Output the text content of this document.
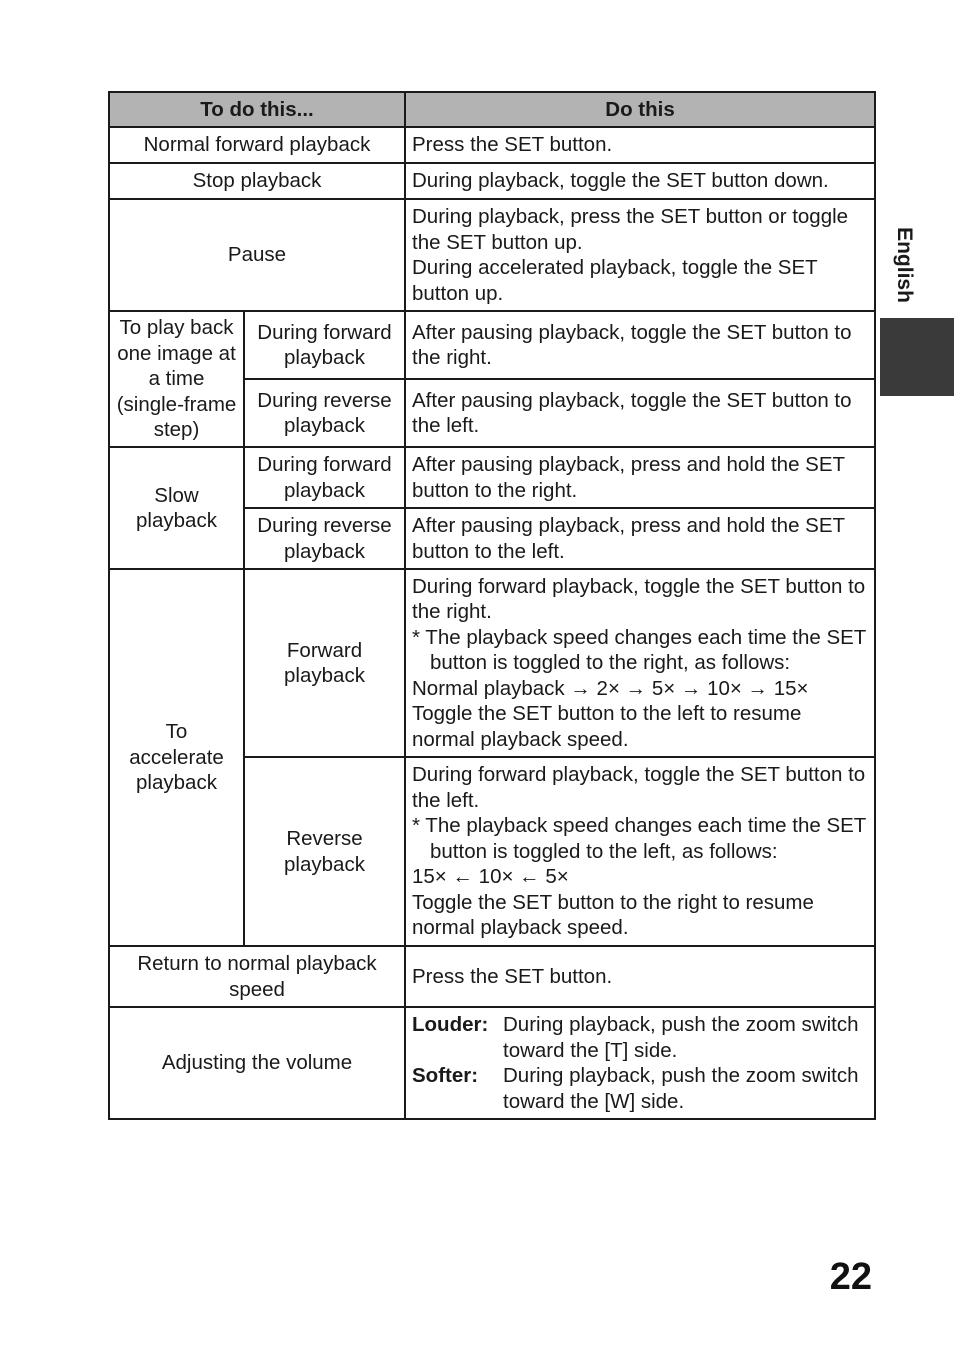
English
To do this...		Do this
Normal forward playback		Press the SET button.
Stop playback		During playback, toggle the SET button down.
Pause		During playback, press the SET button or toggle the SET button up.
During accelerated playback, toggle the SET button up.

To play back one image at a time (single-frame step)	During forward playback	After pausing playback, toggle the SET button to the right.
	During reverse playback	After pausing playback, toggle the SET button to the left.
Slow playback	During forward playback	After pausing playback, press and hold the SET button to the right.
	During reverse playback	After pausing playback, press and hold the SET button to the left.
To accelerate playback	Forward playback	During forward playback, toggle the SET button to the right.
* The playback speed changes each time the SET button is toggled to the right, as follows:
Normal playback → 2× → 5× → 10× → 15×
Toggle the SET button to the left to resume normal playback speed.

	Reverse playback	During forward playback, toggle the SET button to the left.
* The playback speed changes each time the SET button is toggled to the left, as follows:
15× ← 10× ← 5×
Toggle the SET button to the right to resume normal playback speed.

Return to normal playback speed		Press the SET button.
Adjusting the volume		Louder: During playback, push the zoom switch toward the [T] side.
Softer: During playback, push the zoom switch toward the [W] side.
22
